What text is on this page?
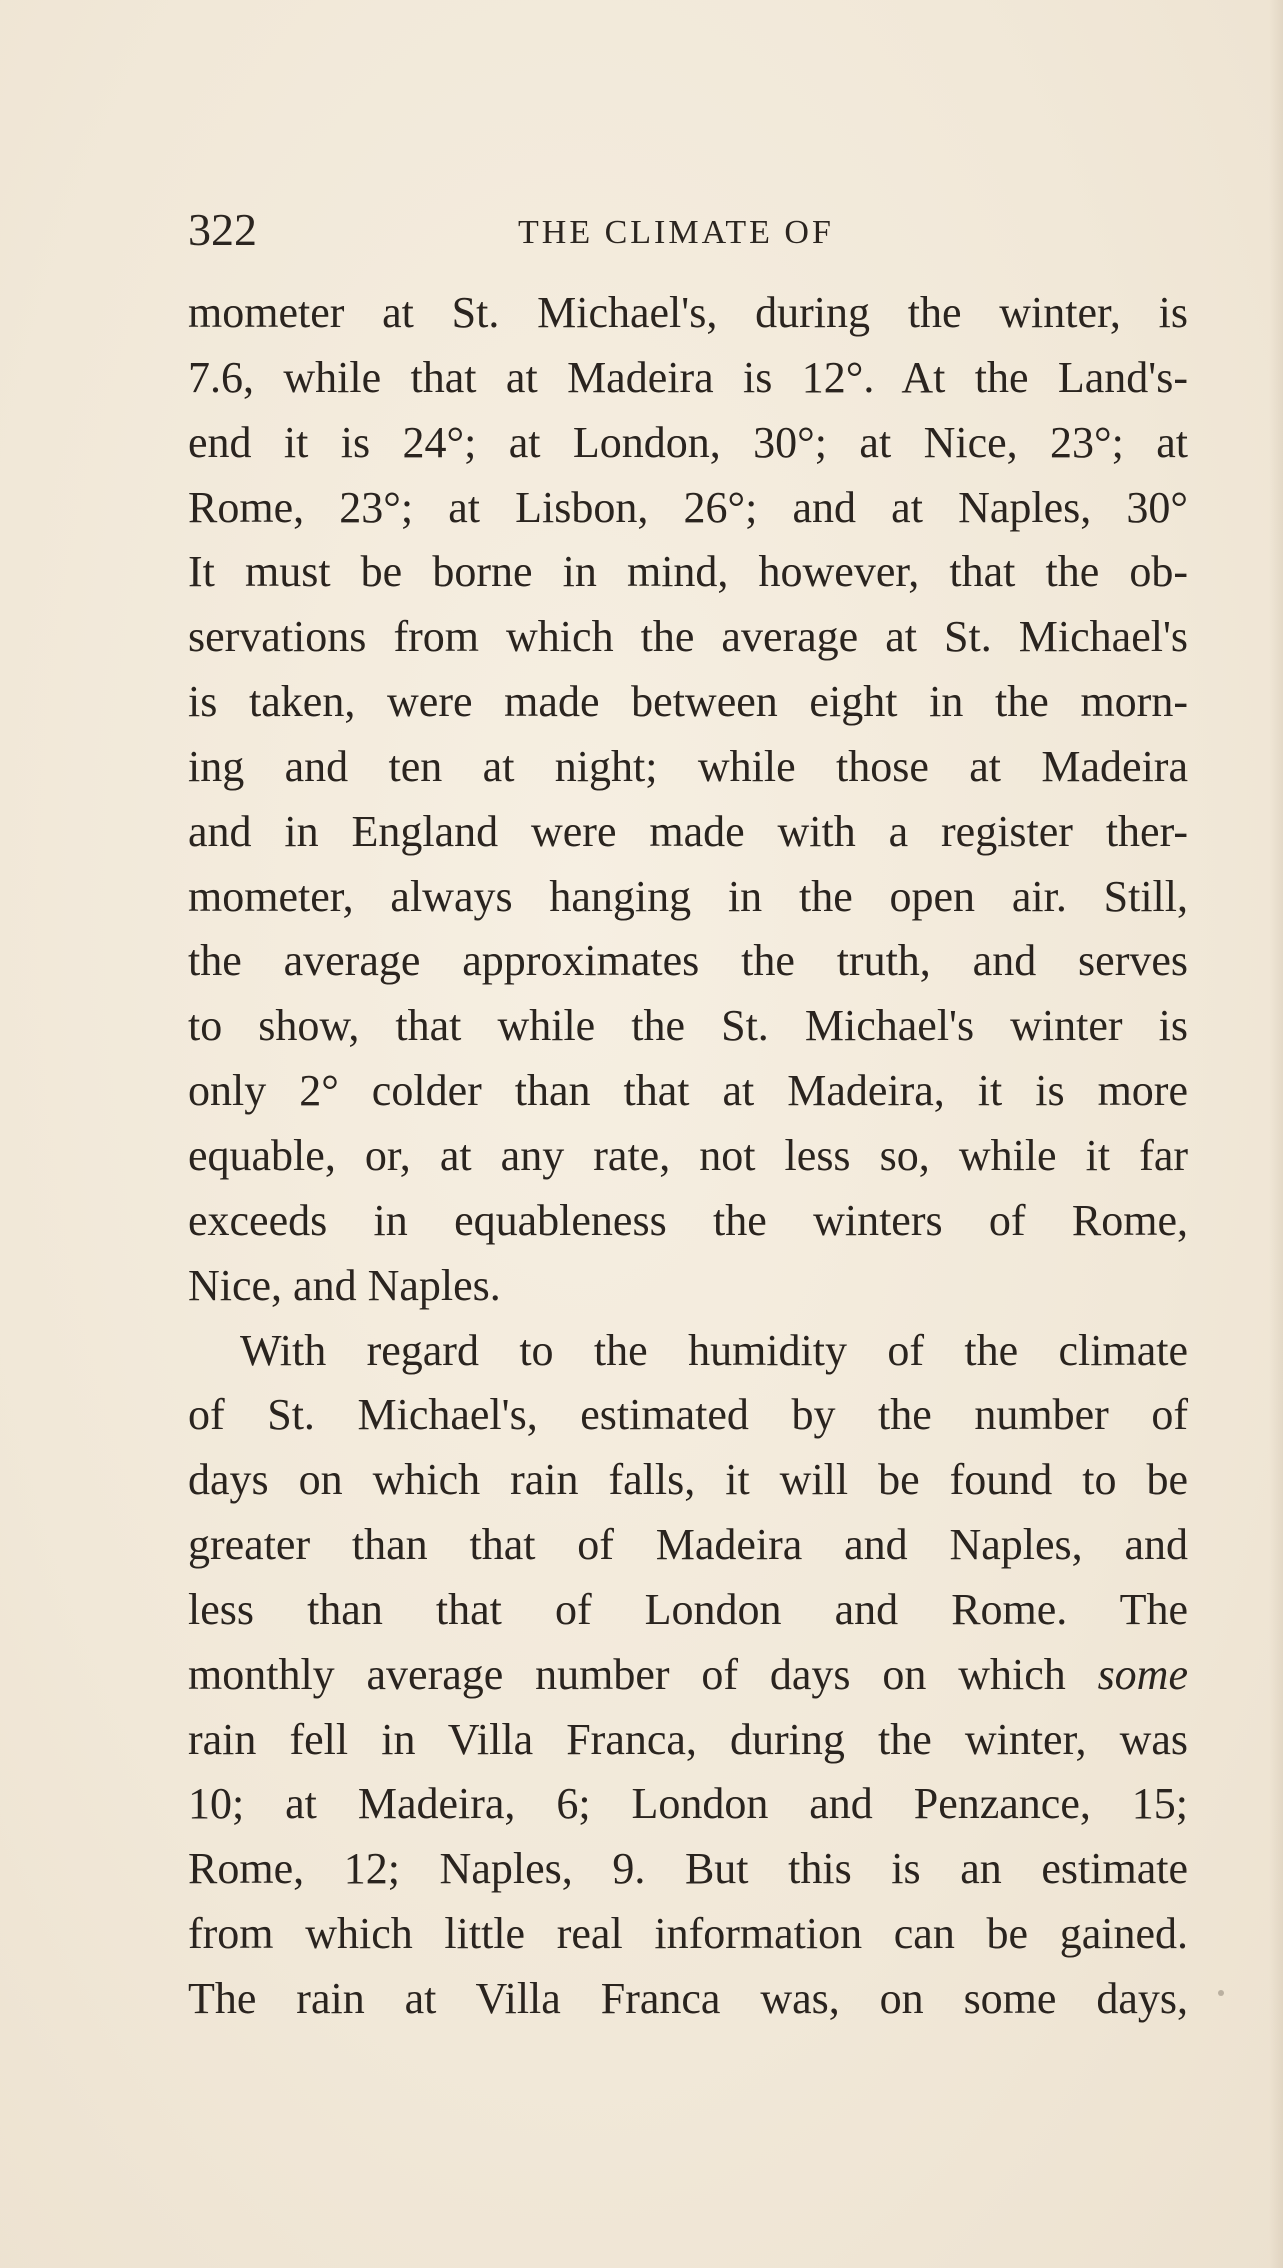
322	THE CLIMATE OF
mometer at St. Michael's, during the winter, is
7.6, while that at Madeira is 12°. At the Land's-
end it is 24°; at London, 30°; at Nice, 23°; at
Rome, 23°; at Lisbon, 26°; and at Naples, 30°
It must be borne in mind, however, that the ob-
servations from which the average at St. Michael's
is taken, were made between eight in the morn-
ing and ten at night; while those at Madeira
and in England were made with a register ther-
mometer, always hanging in the open air. Still,
the average approximates the truth, and serves
to show, that while the St. Michael's winter is
only 2° colder than that at Madeira, it is more
equable, or, at any rate, not less so, while it far
exceeds in equableness the winters of Rome,
Nice, and Naples.
With regard to the humidity of the climate
of St. Michael's, estimated by the number of
days on which rain falls, it will be found to be
greater than that of Madeira and Naples, and
less than that of London and Rome. The
monthly average number of days on which some
rain fell in Villa Franca, during the winter, was
10; at Madeira, 6; London and Penzance, 15;
Rome, 12; Naples, 9. But this is an estimate
from which little real information can be gained.
The rain at Villa Franca was, on some days,
